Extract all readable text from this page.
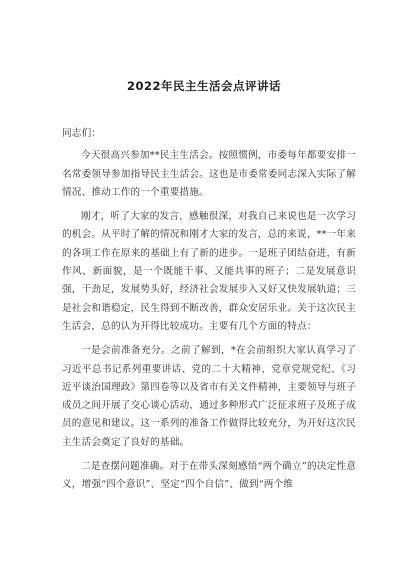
2022年民主生活会点评讲话

同志们：

今天很高兴参加**民主生活会。按照惯例，市委每年都要安排一名常委领导参加指导民主生活会。这也是市委常委同志深入实际了解情况、推动工作的一个重要措施。

刚才，听了大家的发言，感触很深，对我自己来说也是一次学习的机会。从平时了解的情况和刚才大家的发言，总的来说，**一年来的各项工作在原来的基础上有了新的进步。一是班子团结奋进，有新作风、新面貌，是一个既能干事、又能共事的班子；二是发展意识强，干劲足，发展势头好，经济社会发展步入又好又快发展轨道；三是社会和谐稳定，民生得到不断改善，群众安居乐业。关于这次民主生活会，总的认为开得比较成功。主要有几个方面的特点：

一是会前准备充分。之前了解到，*在会前组织大家认真学习了习近平总书记系列重要讲话、党的二十大精神、党章党规党纪、《习近平谈治国理政》第四卷等以及省市有关文件精神，主要领导与班子成员之间开展了交心谈心活动，通过多种形式广泛征求班子及班子成员的意见和建议。这一系列的准备工作做得比较充分，为开好这次民主生活会奠定了良好的基础。

二是查摆问题准确。对于在带头深刻感悟“两个确立”的决定性意义，增强“四个意识”、坚定“四个自信”、做到“两个维
